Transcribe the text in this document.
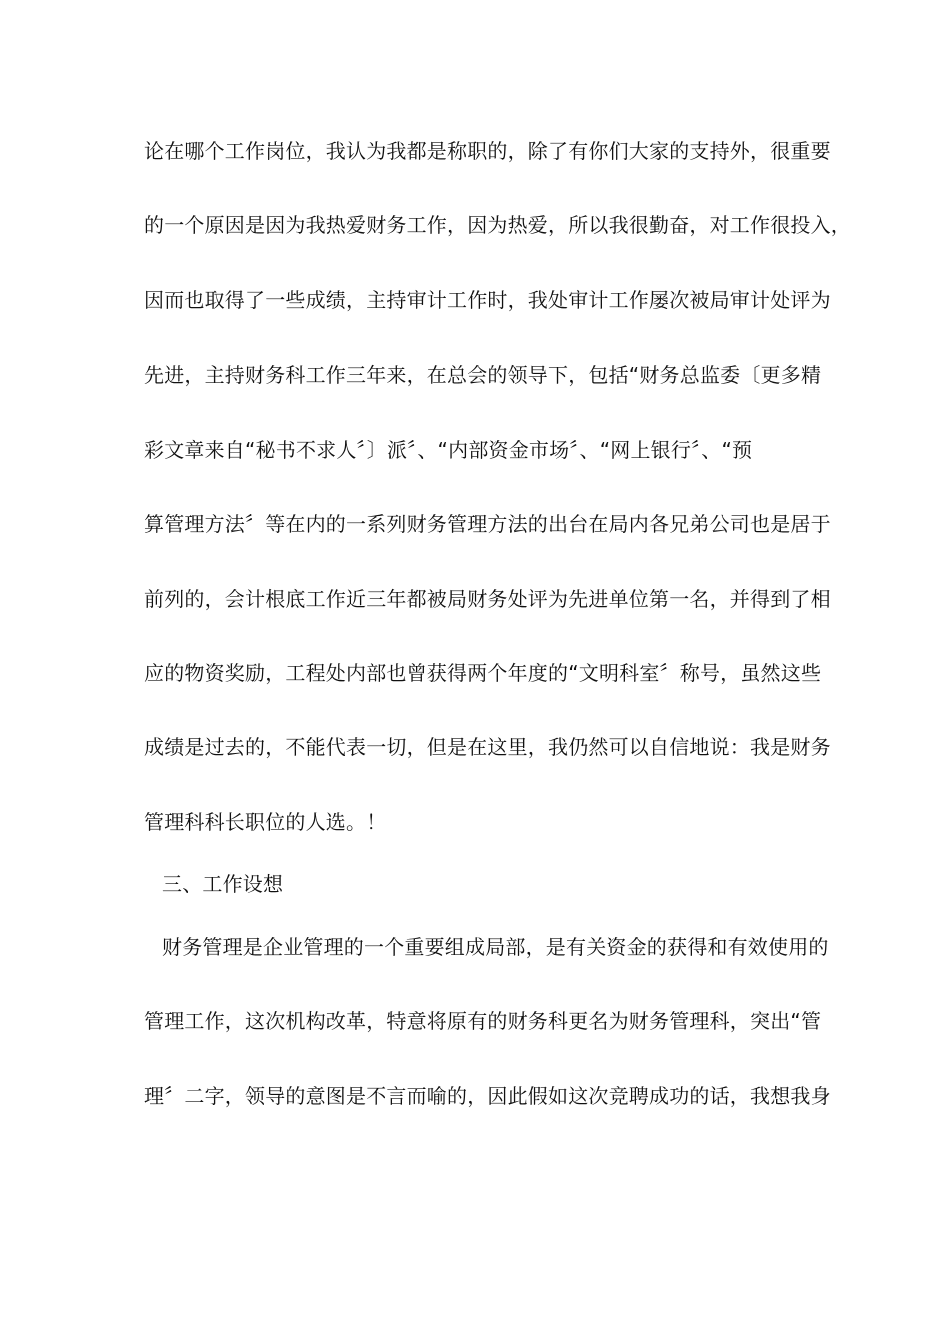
论在哪个工作岗位，我认为我都是称职的，除了有你们大家的支持外，很重要
的一个原因是因为我热爱财务工作，因为热爱，所以我很勤奋，对工作很投入，
因而也取得了一些成绩，主持审计工作时，我处审计工作屡次被局审计处评为
先进，主持财务科工作三年来，在总会的领导下，包括“财务总监委〔更多精
彩文章来自“秘书不求人〞〕派〞、“内部资金市场〞、“网上银行〞、“预
算管理方法〞等在内的一系列财务管理方法的出台在局内各兄弟公司也是居于
前列的，会计根底工作近三年都被局财务处评为先进单位第一名，并得到了相
应的物资奖励，工程处内部也曾获得两个年度的“文明科室〞称号，虽然这些
成绩是过去的，不能代表一切，但是在这里，我仍然可以自信地说：我是财务
管理科科长职位的人选。！
三、工作设想
财务管理是企业管理的一个重要组成局部，是有关资金的获得和有效使用的
管理工作，这次机构改革，特意将原有的财务科更名为财务管理科，突出“管
理〞二字，领导的意图是不言而喻的，因此假如这次竞聘成功的话，我想我身
